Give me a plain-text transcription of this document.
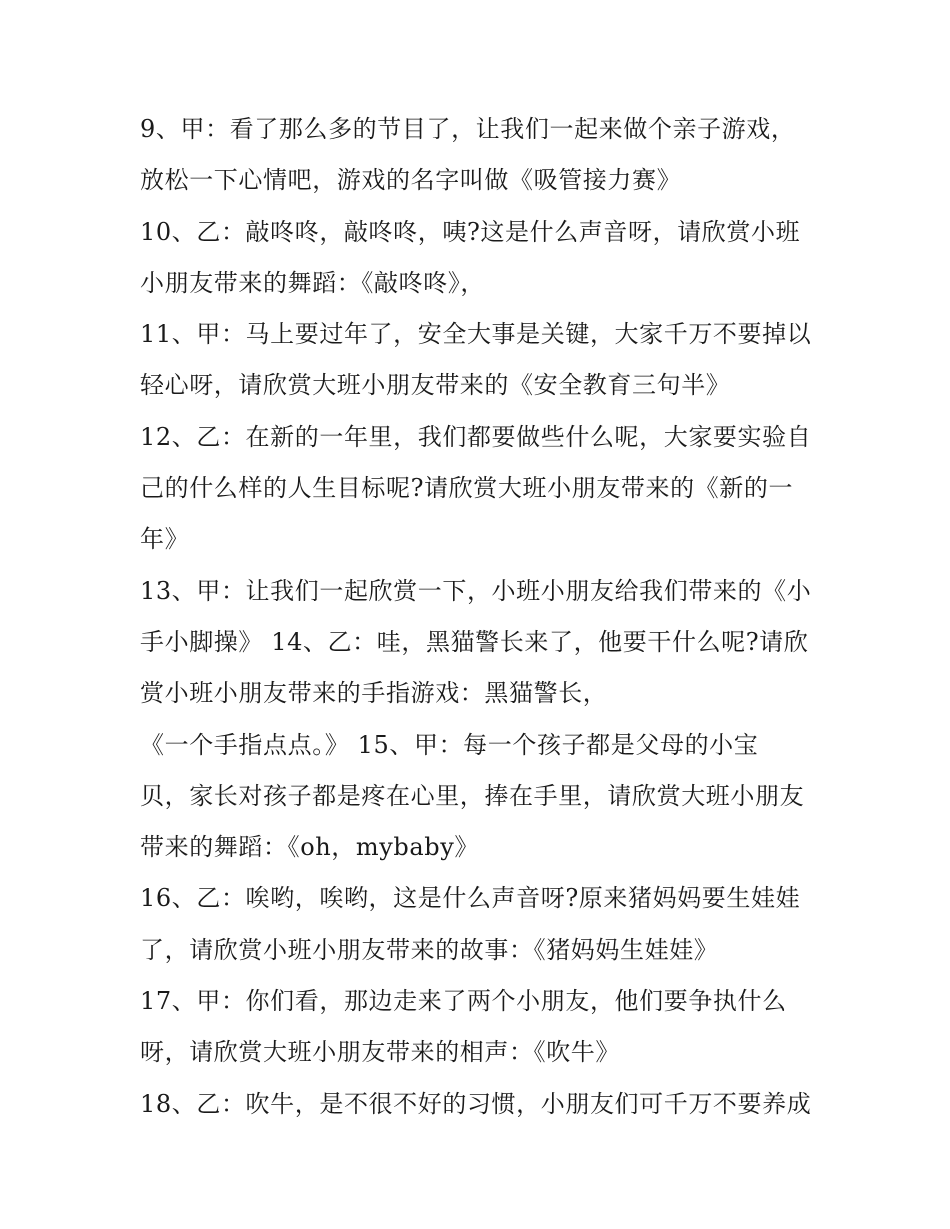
9、甲：看了那么多的节目了，让我们一起来做个亲子游戏，
放松一下心情吧，游戏的名字叫做《吸管接力赛》
10、乙：敲咚咚，敲咚咚，咦?这是什么声音呀，请欣赏小班
小朋友带来的舞蹈：《敲咚咚》，
11、甲：马上要过年了，安全大事是关键，大家千万不要掉以
轻心呀，请欣赏大班小朋友带来的《安全教育三句半》
12、乙：在新的一年里，我们都要做些什么呢，大家要实验自
己的什么样的人生目标呢?请欣赏大班小朋友带来的《新的一
年》
13、甲：让我们一起欣赏一下，小班小朋友给我们带来的《小
手小脚操》 14、乙：哇，黑猫警长来了，他要干什么呢?请欣
赏小班小朋友带来的手指游戏：黑猫警长，
《一个手指点点。》 15、甲：每一个孩子都是父母的小宝
贝，家长对孩子都是疼在心里，捧在手里，请欣赏大班小朋友
带来的舞蹈：《oh，mybaby》
16、乙：唉哟，唉哟，这是什么声音呀?原来猪妈妈要生娃娃
了，请欣赏小班小朋友带来的故事：《猪妈妈生娃娃》
17、甲：你们看，那边走来了两个小朋友，他们要争执什么
呀，请欣赏大班小朋友带来的相声：《吹牛》
18、乙：吹牛，是不很不好的习惯，小朋友们可千万不要养成
